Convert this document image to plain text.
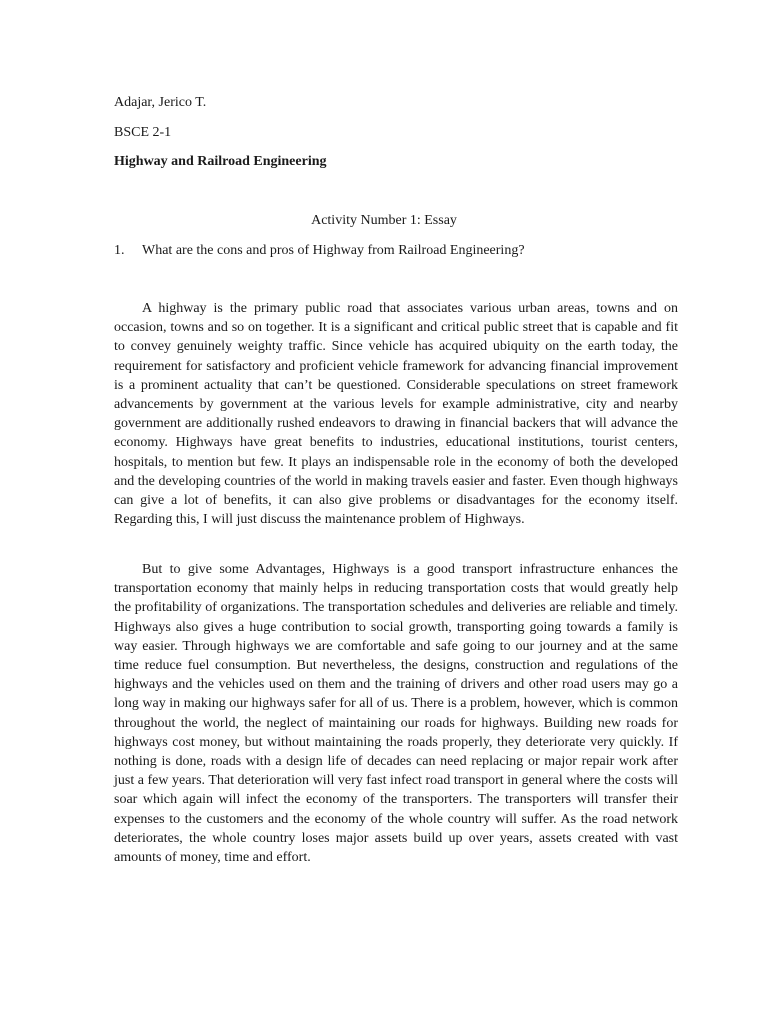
Adajar, Jerico T.

BSCE 2-1

Highway and Railroad Engineering

Activity Number 1: Essay

1. What are the cons and pros of Highway from Railroad Engineering?

A highway is the primary public road that associates various urban areas, towns and on occasion, towns and so on together. It is a significant and critical public street that is capable and fit to convey genuinely weighty traffic. Since vehicle has acquired ubiquity on the earth today, the requirement for satisfactory and proficient vehicle framework for advancing financial improvement is a prominent actuality that can’t be questioned. Considerable speculations on street framework advancements by government at the various levels for example administrative, city and nearby government are additionally rushed endeavors to drawing in financial backers that will advance the economy. Highways have great benefits to industries, educational institutions, tourist centers, hospitals, to mention but few. It plays an indispensable role in the economy of both the developed and the developing countries of the world in making travels easier and faster. Even though highways can give a lot of benefits, it can also give problems or disadvantages for the economy itself. Regarding this, I will just discuss the maintenance problem of Highways.

But to give some Advantages, Highways is a good transport infrastructure enhances the transportation economy that mainly helps in reducing transportation costs that would greatly help the profitability of organizations. The transportation schedules and deliveries are reliable and timely. Highways also gives a huge contribution to social growth, transporting going towards a family is way easier. Through highways we are comfortable and safe going to our journey and at the same time reduce fuel consumption. But nevertheless, the designs, construction and regulations of the highways and the vehicles used on them and the training of drivers and other road users may go a long way in making our highways safer for all of us. There is a problem, however, which is common throughout the world, the neglect of maintaining our roads for highways. Building new roads for highways cost money, but without maintaining the roads properly, they deteriorate very quickly. If nothing is done, roads with a design life of decades can need replacing or major repair work after just a few years. That deterioration will very fast infect road transport in general where the costs will soar which again will infect the economy of the transporters. The transporters will transfer their expenses to the customers and the economy of the whole country will suffer. As the road network deteriorates, the whole country loses major assets build up over years, assets created with vast amounts of money, time and effort.
